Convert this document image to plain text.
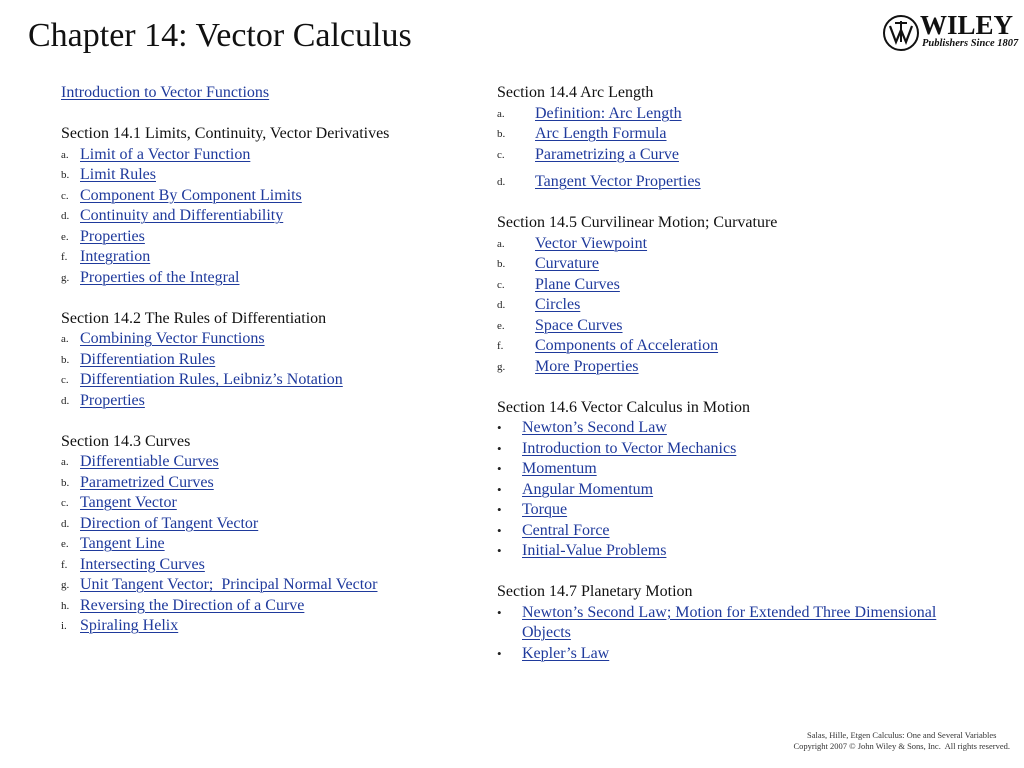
Chapter 14: Vector Calculus	WILEY
Publishers Since 1807
Introduction to Vector Functions
Section 14.1 Limits, Continuity, Vector Derivatives
a. Limit of a Vector Function
b. Limit Rules
c. Component By Component Limits
d. Continuity and Differentiability
e. Properties
f. Integration
g. Properties of the Integral
Section 14.2 The Rules of Differentiation
a. Combining Vector Functions
b. Differentiation Rules
c. Differentiation Rules, Leibniz’s Notation
d. Properties
Section 14.3 Curves
a. Differentiable Curves
b. Parametrized Curves
c. Tangent Vector
d. Direction of Tangent Vector
e. Tangent Line
f. Intersecting Curves
g. Unit Tangent Vector;  Principal Normal Vector
h. Reversing the Direction of a Curve
i. Spiraling Helix
Section 14.4 Arc Length
a.	Definition: Arc Length
b.	Arc Length Formula
c.	Parametrizing a Curve
d.	Tangent Vector Properties
Section 14.5 Curvilinear Motion; Curvature
a.	Vector Viewpoint
b.	Curvature
c.	Plane Curves
d.	Circles
e.	Space Curves
f.	Components of Acceleration
g.	More Properties
Section 14.6 Vector Calculus in Motion
•	Newton’s Second Law
•	Introduction to Vector Mechanics
•	Momentum
•	Angular Momentum
•	Torque
•	Central Force
•	Initial-Value Problems
Section 14.7 Planetary Motion
•	Newton’s Second Law; Motion for Extended Three Dimensional Objects
•	Kepler’s Law
Salas, Hille, Etgen Calculus: One and Several Variables
Copyright 2007 © John Wiley & Sons, Inc.  All rights reserved.
